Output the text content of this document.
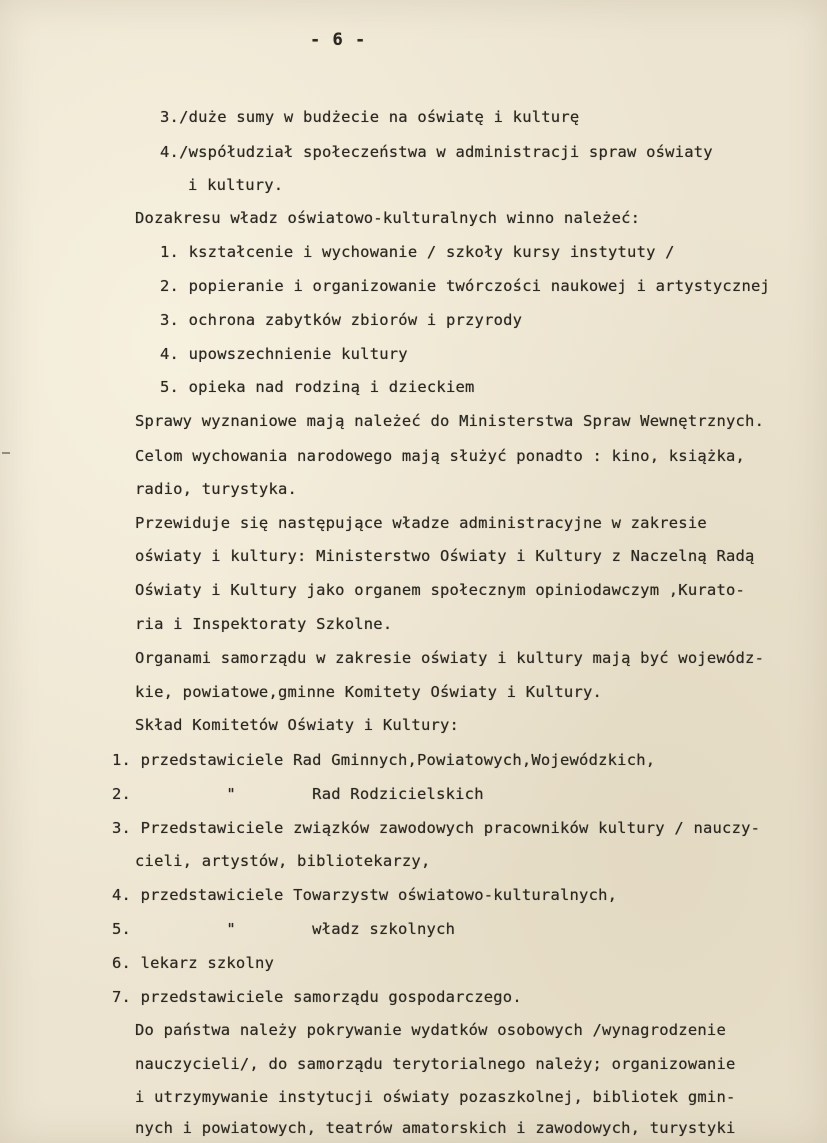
- 6 -
3./duże sumy w budżecie na oświatę i kulturę
4./współudział społeczeństwa w administracji spraw oświaty
i kultury.
Dozakresu władz oświatowo-kulturalnych winno należeć:
1. kształcenie i wychowanie / szkoły kursy instytuty /
2. popieranie i organizowanie twórczości naukowej i artystycznej
3. ochrona zabytków zbiorów i przyrody
4. upowszechnienie kultury
5. opieka nad rodziną i dzieckiem
Sprawy wyznaniowe mają należeć do Ministerstwa Spraw Wewnętrznych.
Celom wychowania narodowego mają służyć ponadto : kino, książka,
radio, turystyka.
Przewiduje się następujące władze administracyjne w zakresie
oświaty i kultury: Ministerstwo Oświaty i Kultury z Naczelną Radą
Oświaty i Kultury jako organem społecznym opiniodawczym ,Kurato-
ria i Inspektoraty Szkolne.
Organami samorządu w zakresie oświaty i kultury mają być wojewódz-
kie, powiatowe,gminne Komitety Oświaty i Kultury.
Skład Komitetów Oświaty i Kultury:
1. przedstawiciele Rad Gminnych,Powiatowych,Wojewódzkich,
2.          "        Rad Rodzicielskich
3. Przedstawiciele związków zawodowych pracowników kultury / nauczy-
cieli, artystów, bibliotekarzy,
4. przedstawiciele Towarzystw oświatowo-kulturalnych,
5.          "        władz szkolnych
6. lekarz szkolny
7. przedstawiciele samorządu gospodarczego.
Do państwa należy pokrywanie wydatków osobowych /wynagrodzenie
nauczycieli/, do samorządu terytorialnego należy; organizowanie
i utrzymywanie instytucji oświaty pozaszkolnej, bibliotek gmin-
nych i powiatowych, teatrów amatorskich i zawodowych, turystyki
